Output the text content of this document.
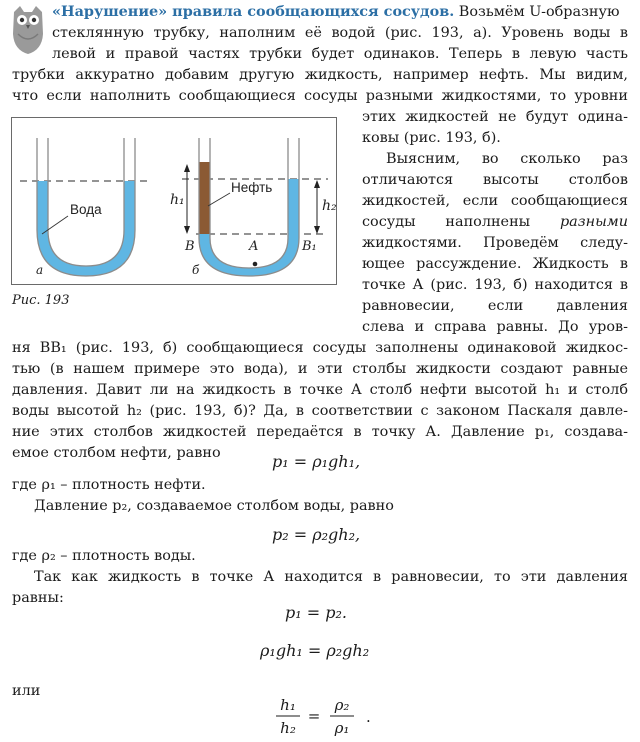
«Нарушение» правила сообщающихся сосудов. Возьмём U-образную
стеклянную трубку, наполним её водой (рис. 193, а). Уровень воды в
левой и правой частях трубки будет одинаков. Теперь в левую часть
трубки аккуратно добавим другую жидкость, например нефть. Мы видим,
что если наполнить сообщающиеся сосуды разными жидкостями, то уровни
Вода
Нефть
h₁	h₂
B	A	B₁
а	б
Рис. 193
этих жидкостей не будут одина-
ковы (рис. 193, б).
Выясним, во сколько раз
отличаются высоты столбов
жидкостей, если сообщающиеся
сосуды наполнены разными
жидкостями. Проведём следу-
ющее рассуждение. Жидкость в
точке А (рис. 193, б) находится в
равновесии, если давления
слева и справа равны. До уров-
ня BB₁ (рис. 193, б) сообщающиеся сосуды заполнены одинаковой жидкос-
тью (в нашем примере это вода), и эти столбы жидкости создают равные
давления. Давит ли на жидкость в точке А столб нефти высотой h₁ и столб
воды высотой h₂ (рис. 193, б)? Да, в соответствии с законом Паскаля давле-
ние этих столбов жидкостей передаётся в точку А. Давление p₁, создава-
емое столбом нефти, равно	p₁ = ρ₁gh₁,
где ρ₁ – плотность нефти.
Давление p₂, создаваемое столбом воды, равно
p₂ = ρ₂gh₂,
где ρ₂ – плотность воды.
Так как жидкость в точке А находится в равновесии, то эти давления
равны:
p₁ = p₂.
ρ₁gh₁ = ρ₂gh₂
или
h₁
h₂
=
ρ₂
ρ₁
.
